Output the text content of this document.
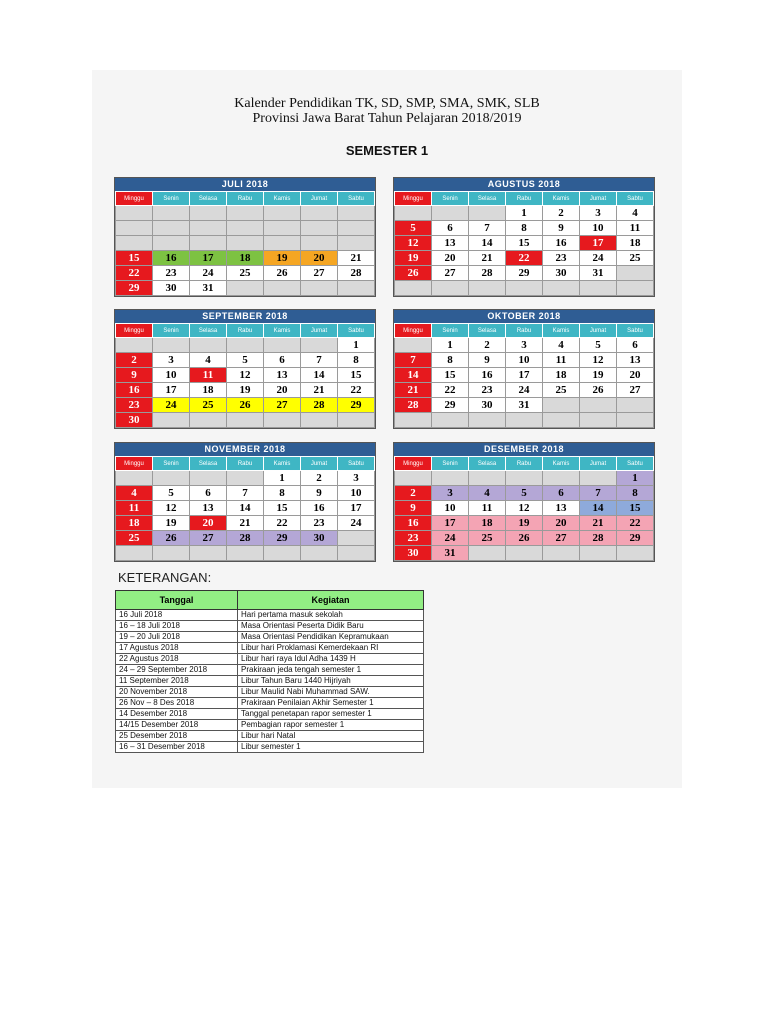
Kalender Pendidikan TK, SD, SMP, SMA, SMK, SLB
Provinsi Jawa Barat Tahun Pelajaran 2018/2019
SEMESTER 1
JULI 2018
Minggu	Senin	Selasa	Rabu	Kamis	Jumat	Sabtu

15	16	17	18	19	20	21
22	23	24	25	26	27	28
29	30	31				
AGUSTUS 2018
Minggu	Senin	Selasa	Rabu	Kamis	Jumat	Sabtu
			1	2	3	4
5	6	7	8	9	10	11
12	13	14	15	16	17	18
19	20	21	22	23	24	25
26	27	28	29	30	31	

SEPTEMBER 2018
Minggu	Senin	Selasa	Rabu	Kamis	Jumat	Sabtu
						1
2	3	4	5	6	7	8
9	10	11	12	13	14	15
16	17	18	19	20	21	22
23	24	25	26	27	28	29
30						
OKTOBER 2018
Minggu	Senin	Selasa	Rabu	Kamis	Jumat	Sabtu
	1	2	3	4	5	6
7	8	9	10	11	12	13
14	15	16	17	18	19	20
21	22	23	24	25	26	27
28	29	30	31			

NOVEMBER 2018
Minggu	Senin	Selasa	Rabu	Kamis	Jumat	Sabtu
				1	2	3
4	5	6	7	8	9	10
11	12	13	14	15	16	17
18	19	20	21	22	23	24
25	26	27	28	29	30	

DESEMBER 2018
Minggu	Senin	Selasa	Rabu	Kamis	Jumat	Sabtu
						1
2	3	4	5	6	7	8
9	10	11	12	13	14	15
16	17	18	19	20	21	22
23	24	25	26	27	28	29
30	31					
KETERANGAN:
Tanggal	Kegiatan
16 Juli 2018	Hari pertama masuk sekolah
16 – 18 Juli 2018	Masa Orientasi Peserta Didik Baru
19 – 20 Juli 2018	Masa Orientasi Pendidikan Kepramukaan
17 Agustus 2018	Libur hari Proklamasi Kemerdekaan RI
22 Agustus 2018	Libur hari raya Idul Adha 1439 H
24 – 29 September 2018	Prakiraan jeda tengah semester 1
11 September 2018	Libur Tahun Baru 1440 Hijriyah
20 November 2018	Libur Maulid Nabi Muhammad SAW.
26 Nov – 8 Des 2018	Prakiraan Penilaian Akhir Semester 1
14 Desember 2018	Tanggal penetapan rapor semester 1
14/15 Desember 2018	Pembagian rapor semester 1
25 Desember 2018	Libur hari Natal
16 – 31 Desember 2018	Libur semester 1
